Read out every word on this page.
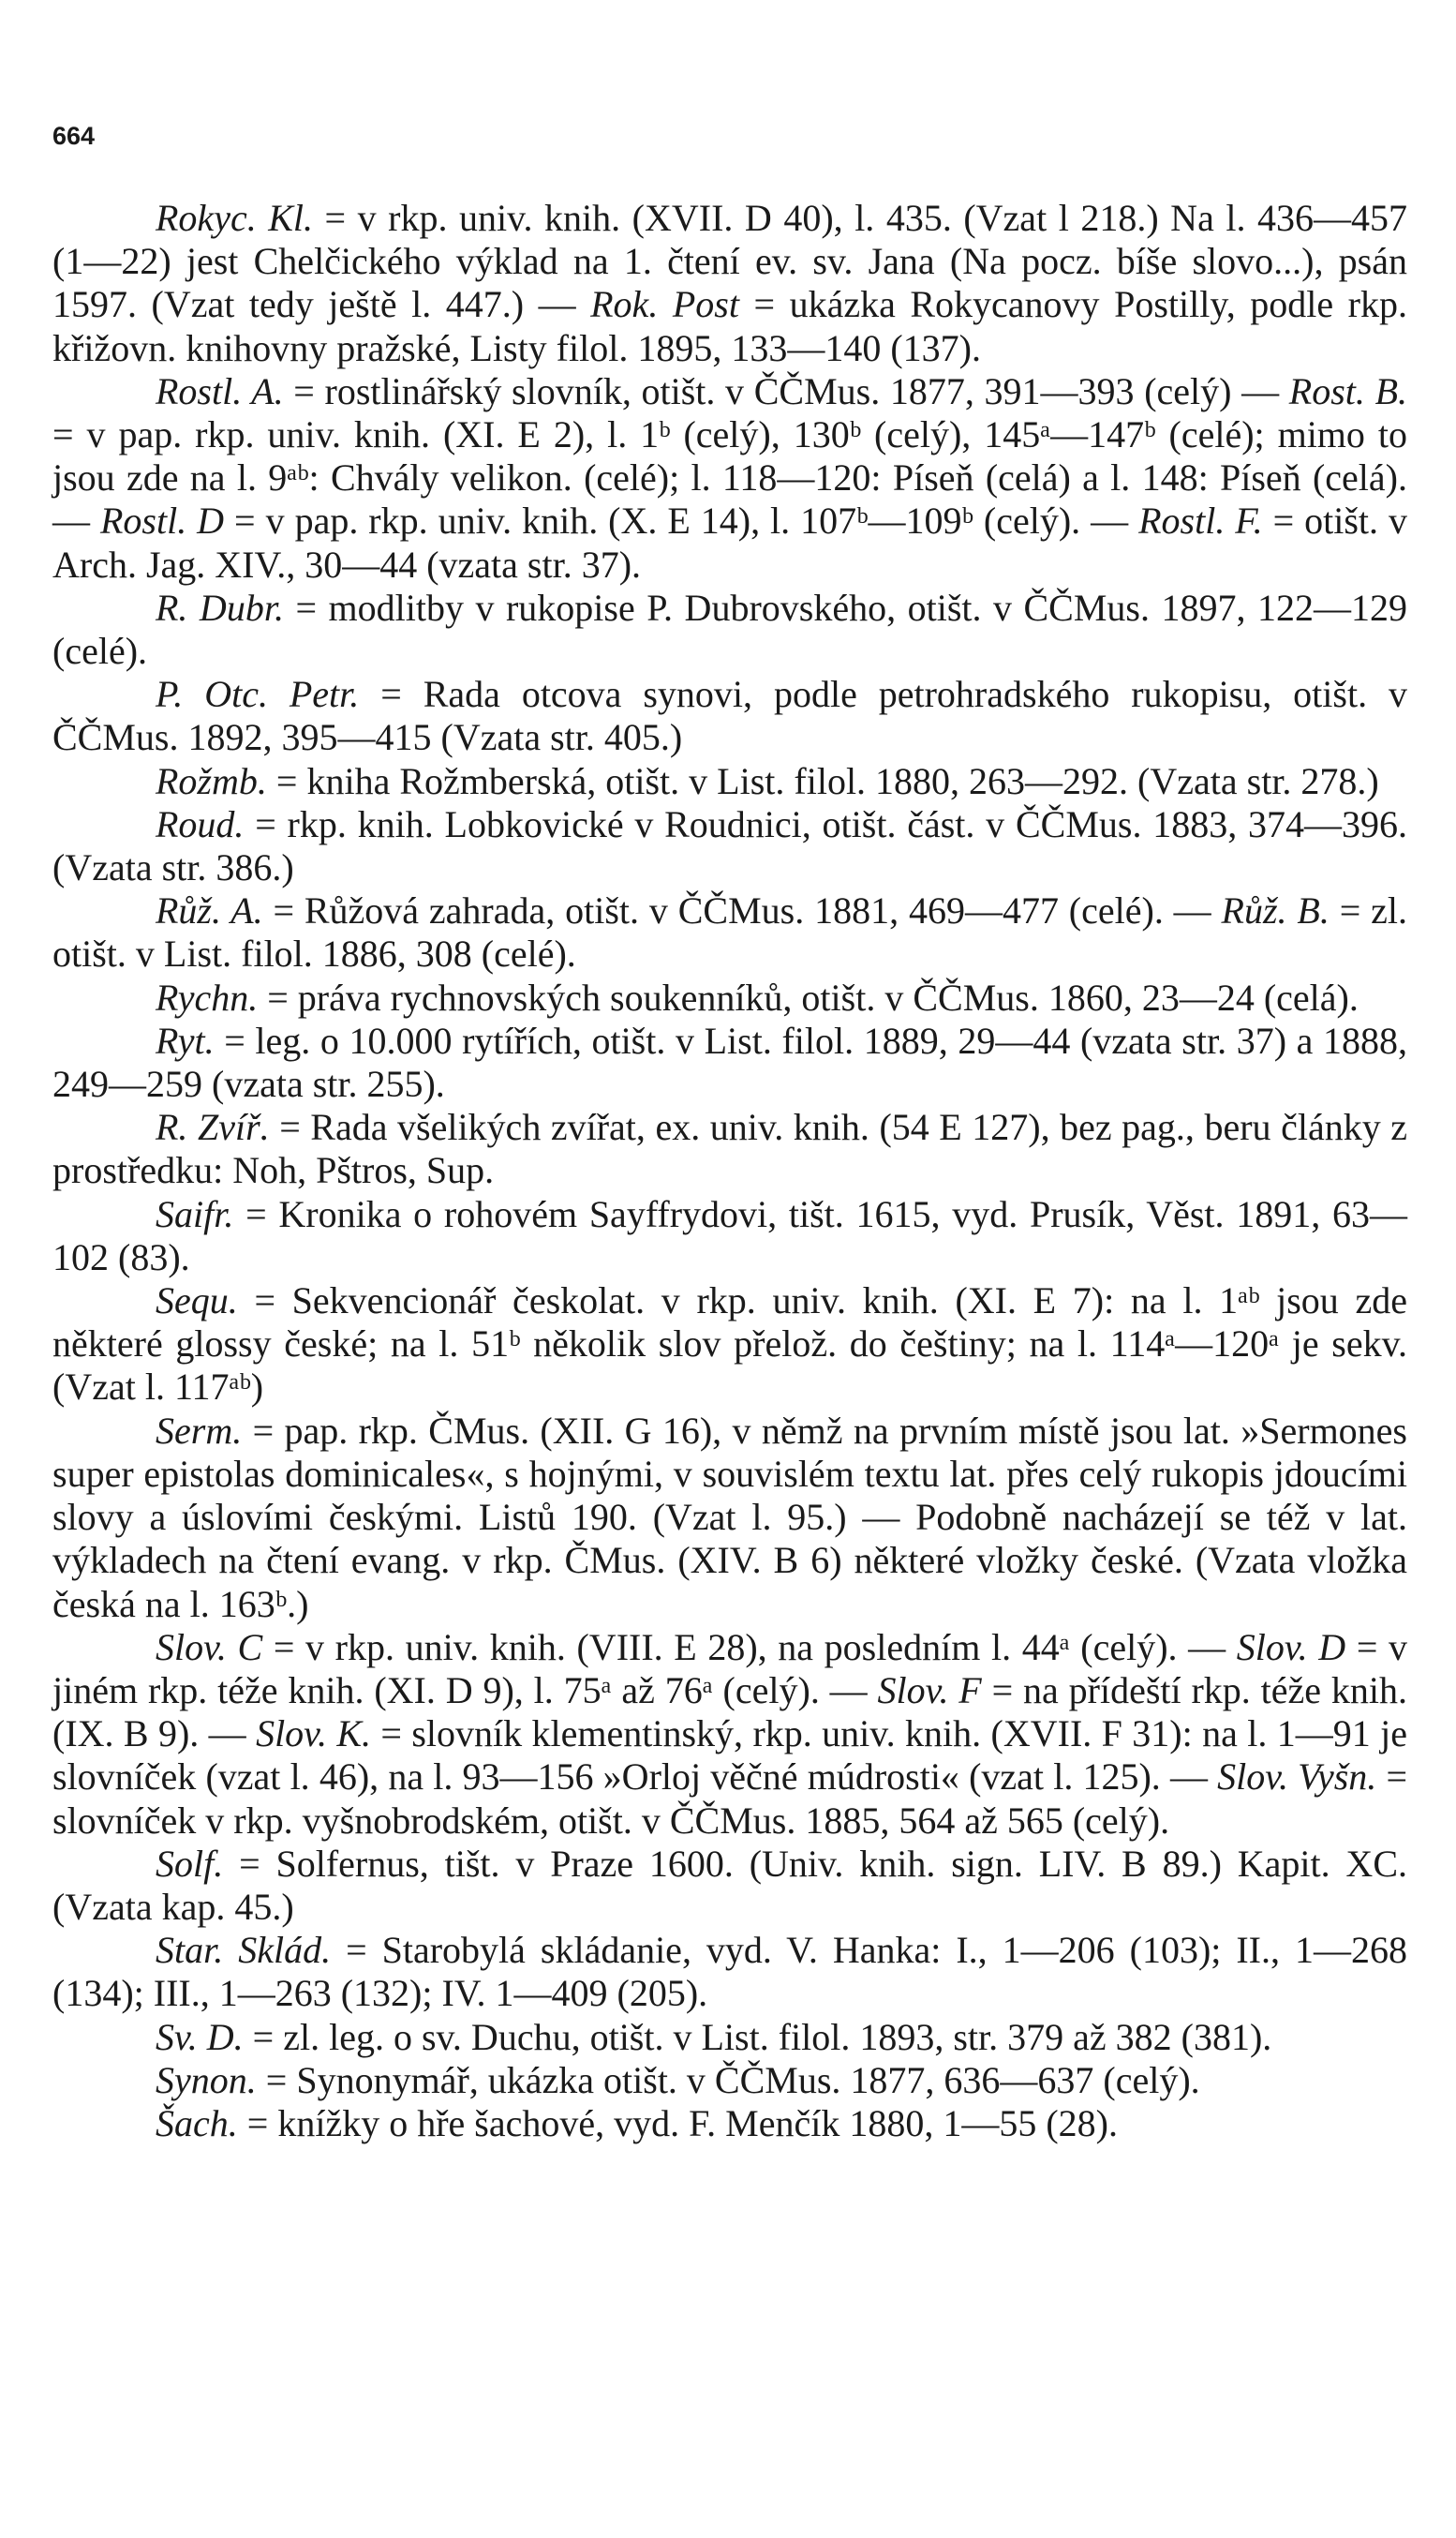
664

Rokyc. Kl. = v rkp. univ. knih. (XVII. D 40), l. 435. (Vzat l 218.) Na l. 436—457 (1—22) jest Chelčického výklad na 1. čtení ev. sv. Jana (Na pocz. bíše slovo...), psán 1597. (Vzat tedy ještě l. 447.) — Rok. Post = ukázka Rokycanovy Postilly, podle rkp. křižovn. knihovny pražské, Listy filol. 1895, 133—140 (137).

Rostl. A. = rostlinářský slovník, otišt. v ČČMus. 1877, 391—393 (celý) — Rost. B. = v pap. rkp. univ. knih. (XI. E 2), l. 1ᵇ (celý), 130ᵇ (celý), 145ᵃ—147ᵇ (celé); mimo to jsou zde na l. 9ᵃᵇ: Chvály velikon. (celé); l. 118—120: Píseň (celá) a l. 148: Píseň (celá). — Rostl. D = v pap. rkp. univ. knih. (X. E 14), l. 107ᵇ—109ᵇ (celý). — Rostl. F. = otišt. v Arch. Jag. XIV., 30—44 (vzata str. 37).

R. Dubr. = modlitby v rukopise P. Dubrovského, otišt. v ČČMus. 1897, 122—129 (celé).

P. Otc. Petr. = Rada otcova synovi, podle petrohradského rukopisu, otišt. v ČČMus. 1892, 395—415 (Vzata str. 405.)

Rožmb. = kniha Rožmberská, otišt. v List. filol. 1880, 263—292. (Vzata str. 278.)

Roud. = rkp. knih. Lobkovické v Roudnici, otišt. část. v ČČMus. 1883, 374—396. (Vzata str. 386.)

Růž. A. = Růžová zahrada, otišt. v ČČMus. 1881, 469—477 (celé). — Růž. B. = zl. otišt. v List. filol. 1886, 308 (celé).

Rychn. = práva rychnovských soukenníků, otišt. v ČČMus. 1860, 23—24 (celá).

Ryt. = leg. o 10.000 rytířích, otišt. v List. filol. 1889, 29—44 (vzata str. 37) a 1888, 249—259 (vzata str. 255).

R. Zvíř. = Rada všelikých zvířat, ex. univ. knih. (54 E 127), bez pag., beru články z prostředku: Noh, Pštros, Sup.

Saifr. = Kronika o rohovém Sayffrydovi, tišt. 1615, vyd. Prusík, Věst. 1891, 63—102 (83).

Sequ. = Sekvencionář českolat. v rkp. univ. knih. (XI. E 7): na l. 1ᵃᵇ jsou zde některé glossy české; na l. 51ᵇ několik slov přelož. do češtiny; na l. 114ᵃ—120ᵃ je sekv. (Vzat l. 117ᵃᵇ)

Serm. = pap. rkp. ČMus. (XII. G 16), v němž na prvním místě jsou lat. »Sermones super epistolas dominicales«, s hojnými, v souvislém textu lat. přes celý rukopis jdoucími slovy a úslovími českými. Listů 190. (Vzat l. 95.) — Podobně nacházejí se též v lat. výkladech na čtení evang. v rkp. ČMus. (XIV. B 6) některé vložky české. (Vzata vložka česká na l. 163ᵇ.)

Slov. C = v rkp. univ. knih. (VIII. E 28), na posledním l. 44ᵃ (celý). — Slov. D = v jiném rkp. téže knih. (XI. D 9), l. 75ᵃ až 76ᵃ (celý). — Slov. F = na přídeští rkp. téže knih. (IX. B 9). — Slov. K. = slovník klementinský, rkp. univ. knih. (XVII. F 31): na l. 1—91 je slovníček (vzat l. 46), na l. 93—156 »Orloj věčné múdrosti« (vzat l. 125). — Slov. Vyšn. = slovníček v rkp. vyšnobrodském, otišt. v ČČMus. 1885, 564 až 565 (celý).

Solf. = Solfernus, tišt. v Praze 1600. (Univ. knih. sign. LIV. B 89.) Kapit. XC. (Vzata kap. 45.)

Star. Sklád. = Starobylá skládanie, vyd. V. Hanka: I., 1—206 (103); II., 1—268 (134); III., 1—263 (132); IV. 1—409 (205).

Sv. D. = zl. leg. o sv. Duchu, otišt. v List. filol. 1893, str. 379 až 382 (381).

Synon. = Synonymář, ukázka otišt. v ČČMus. 1877, 636—637 (celý).

Šach. = knížky o hře šachové, vyd. F. Menčík 1880, 1—55 (28).
